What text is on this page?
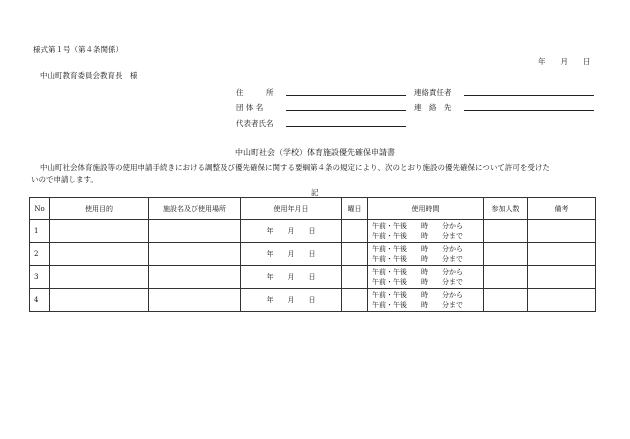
様式第１号（第４条関係）
年　　月　　日
中山町教育委員会教育長　様
住　　　所	連絡責任者
団 体 名	連　絡　先
代表者氏名
中山町社会（学校）体育施設優先確保申請書
中山町社会体育施設等の使用申請手続きにおける調整及び優先確保に関する要綱第４条の規定により、次のとおり施設の優先確保について許可を受けた
いので申請します。
記
No	使用目的	施設名及び使用場所	使用年月日	曜日	使用時間	参加人数	備考
1			年　　月　　日		午前・午後　　時　　分から
午前・午後　　時　　分まで		

2			年　　月　　日		午前・午後　　時　　分から
午前・午後　　時　　分まで		

3			年　　月　　日		午前・午後　　時　　分から
午前・午後　　時　　分まで		

4			年　　月　　日		午前・午後　　時　　分から
午前・午後　　時　　分まで		
